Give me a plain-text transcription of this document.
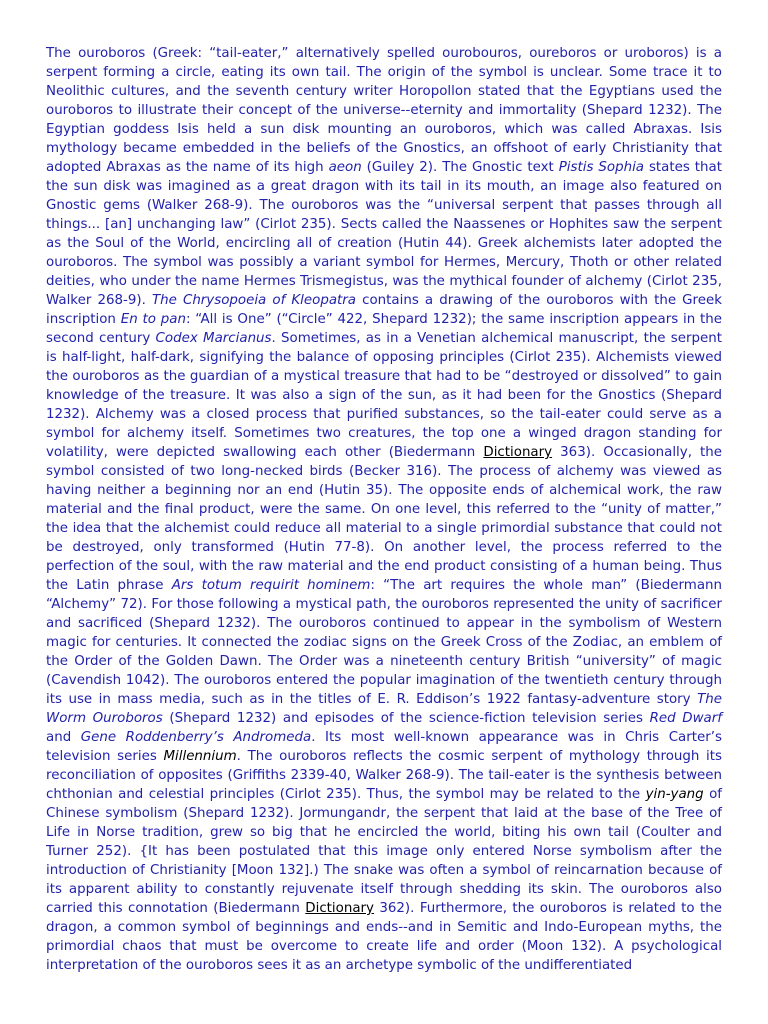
The ouroboros (Greek: “tail-eater,” alternatively spelled ourobouros, oureboros or uroboros) is a serpent forming a circle, eating its own tail. The origin of the symbol is unclear. Some trace it to Neolithic cultures, and the seventh century writer Horopollon stated that the Egyptians used the ouroboros to illustrate their concept of the universe--eternity and immortality (Shepard 1232). The Egyptian goddess Isis held a sun disk mounting an ouroboros, which was called Abraxas. Isis mythology became embedded in the beliefs of the Gnostics, an offshoot of early Christianity that adopted Abraxas as the name of its high aeon (Guiley 2). The Gnostic text Pistis Sophia states that the sun disk was imagined as a great dragon with its tail in its mouth, an image also featured on Gnostic gems (Walker 268-9). The ouroboros was the “universal serpent that passes through all things... [an] unchanging law” (Cirlot 235). Sects called the Naassenes or Hophites saw the serpent as the Soul of the World, encircling all of creation (Hutin 44). Greek alchemists later adopted the ouroboros. The symbol was possibly a variant symbol for Hermes, Mercury, Thoth or other related deities, who under the name Hermes Trismegistus, was the mythical founder of alchemy (Cirlot 235, Walker 268-9). The Chrysopoeia of Kleopatra contains a drawing of the ouroboros with the Greek inscription En to pan: “All is One” (“Circle” 422, Shepard 1232); the same inscription appears in the second century Codex Marcianus. Sometimes, as in a Venetian alchemical manuscript, the serpent is half-light, half-dark, signifying the balance of opposing principles (Cirlot 235). Alchemists viewed the ouroboros as the guardian of a mystical treasure that had to be “destroyed or dissolved” to gain knowledge of the treasure. It was also a sign of the sun, as it had been for the Gnostics (Shepard 1232). Alchemy was a closed process that purified substances, so the tail-eater could serve as a symbol for alchemy itself. Sometimes two creatures, the top one a winged dragon standing for volatility, were depicted swallowing each other (Biedermann Dictionary 363). Occasionally, the symbol consisted of two long-necked birds (Becker 316). The process of alchemy was viewed as having neither a beginning nor an end (Hutin 35). The opposite ends of alchemical work, the raw material and the final product, were the same. On one level, this referred to the “unity of matter,” the idea that the alchemist could reduce all material to a single primordial substance that could not be destroyed, only transformed (Hutin 77-8). On another level, the process referred to the perfection of the soul, with the raw material and the end product consisting of a human being. Thus the Latin phrase Ars totum requirit hominem: “The art requires the whole man” (Biedermann “Alchemy” 72). For those following a mystical path, the ouroboros represented the unity of sacrificer and sacrificed (Shepard 1232). The ouroboros continued to appear in the symbolism of Western magic for centuries. It connected the zodiac signs on the Greek Cross of the Zodiac, an emblem of the Order of the Golden Dawn. The Order was a nineteenth century British “university” of magic (Cavendish 1042). The ouroboros entered the popular imagination of the twentieth century through its use in mass media, such as in the titles of E. R. Eddison’s 1922 fantasy-adventure story The Worm Ouroboros (Shepard 1232) and episodes of the science-fiction television series Red Dwarf and Gene Roddenberry’s Andromeda. Its most well-known appearance was in Chris Carter’s television series Millennium. The ouroboros reflects the cosmic serpent of mythology through its reconciliation of opposites (Griffiths 2339-40, Walker 268-9). The tail-eater is the synthesis between chthonian and celestial principles (Cirlot 235). Thus, the symbol may be related to the yin-yang of Chinese symbolism (Shepard 1232). Jormungandr, the serpent that laid at the base of the Tree of Life in Norse tradition, grew so big that he encircled the world, biting his own tail (Coulter and Turner 252). {It has been postulated that this image only entered Norse symbolism after the introduction of Christianity [Moon 132].) The snake was often a symbol of reincarnation because of its apparent ability to constantly rejuvenate itself through shedding its skin. The ouroboros also carried this connotation (Biedermann Dictionary 362). Furthermore, the ouroboros is related to the dragon, a common symbol of beginnings and ends--and in Semitic and Indo-European myths, the primordial chaos that must be overcome to create life and order (Moon 132). A psychological interpretation of the ouroboros sees it as an archetype symbolic of the undifferentiated
